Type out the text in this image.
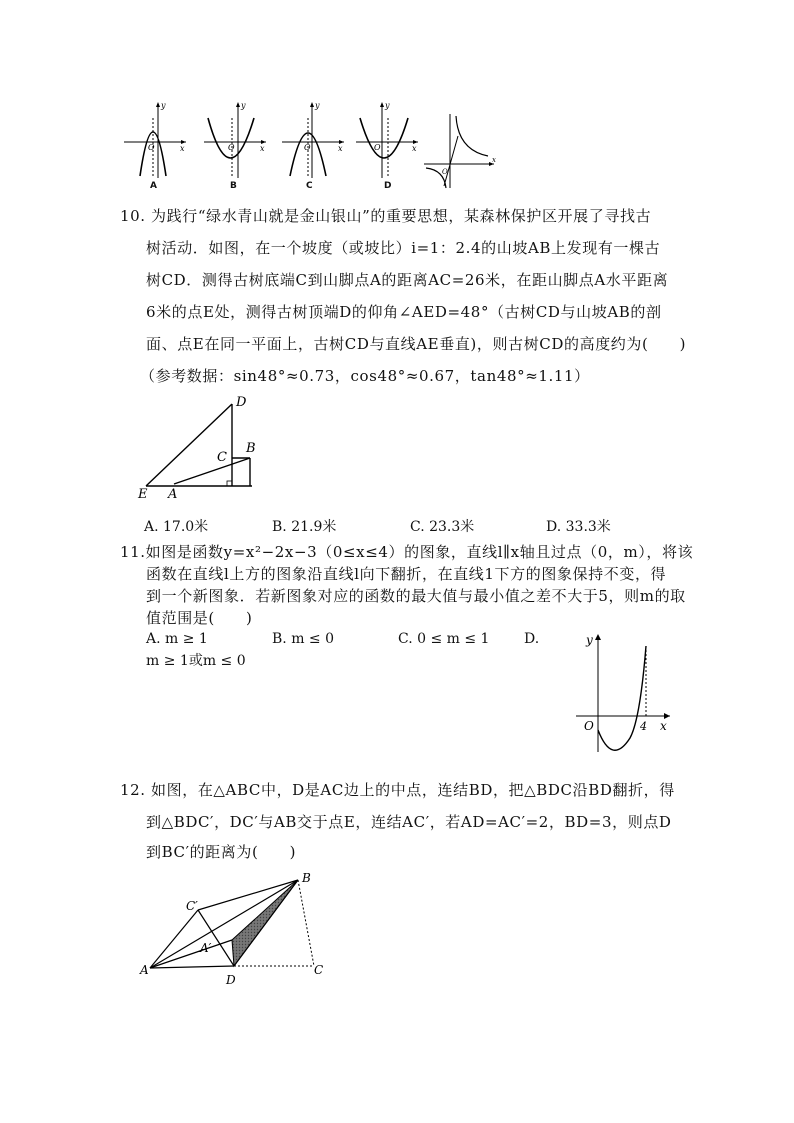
y
x
O
A
y
x
O
B
y
x
O
C
y
x
O
D
x
O
10. 为践行“绿水青山就是金山银山”的重要思想，某森林保护区开展了寻找古
树活动．如图，在一个坡度（或坡比）i=1：2.4的山坡AB上发现有一棵古
树CD．测得古树底端C到山脚点A的距离AC=26米，在距山脚点A水平距离
6米的点E处，测得古树顶端D的仰角∠AED=48°（古树CD与山坡AB的剖
面、点E在同一平面上，古树CD与直线AE垂直)，则古树CD的高度约为(　　)
（参考数据：sin48°≈0.73，cos48°≈0.67，tan48°≈1.11）
D
B
C
E A
A. 17.0米	B. 21.9米	C. 23.3米	D. 33.3米
11.如图是函数y=x²−2x−3（0≤x≤4）的图象，直线l∥x轴且过点（0，m），将该
函数在直线l上方的图象沿直线l向下翻折，在直线1下方的图象保持不变，得
到一个新图象．若新图象对应的函数的最大值与最小值之差不大于5，则m的取
值范围是(　　)
A. m ≥ 1	B. m ≤ 0	C. 0 ≤ m ≤ 1 D.
m ≥ 1或m ≤ 0
y
x
O	4
12. 如图，在△ABC中，D是AC边上的中点，连结BD，把△BDC沿BD翻折，得
到△BDC′，DC′与AB交于点E，连结AC′，若AD=AC′=2，BD=3，则点D
到BC′的距离为(　　)
B
C′
A′
A
D
C
